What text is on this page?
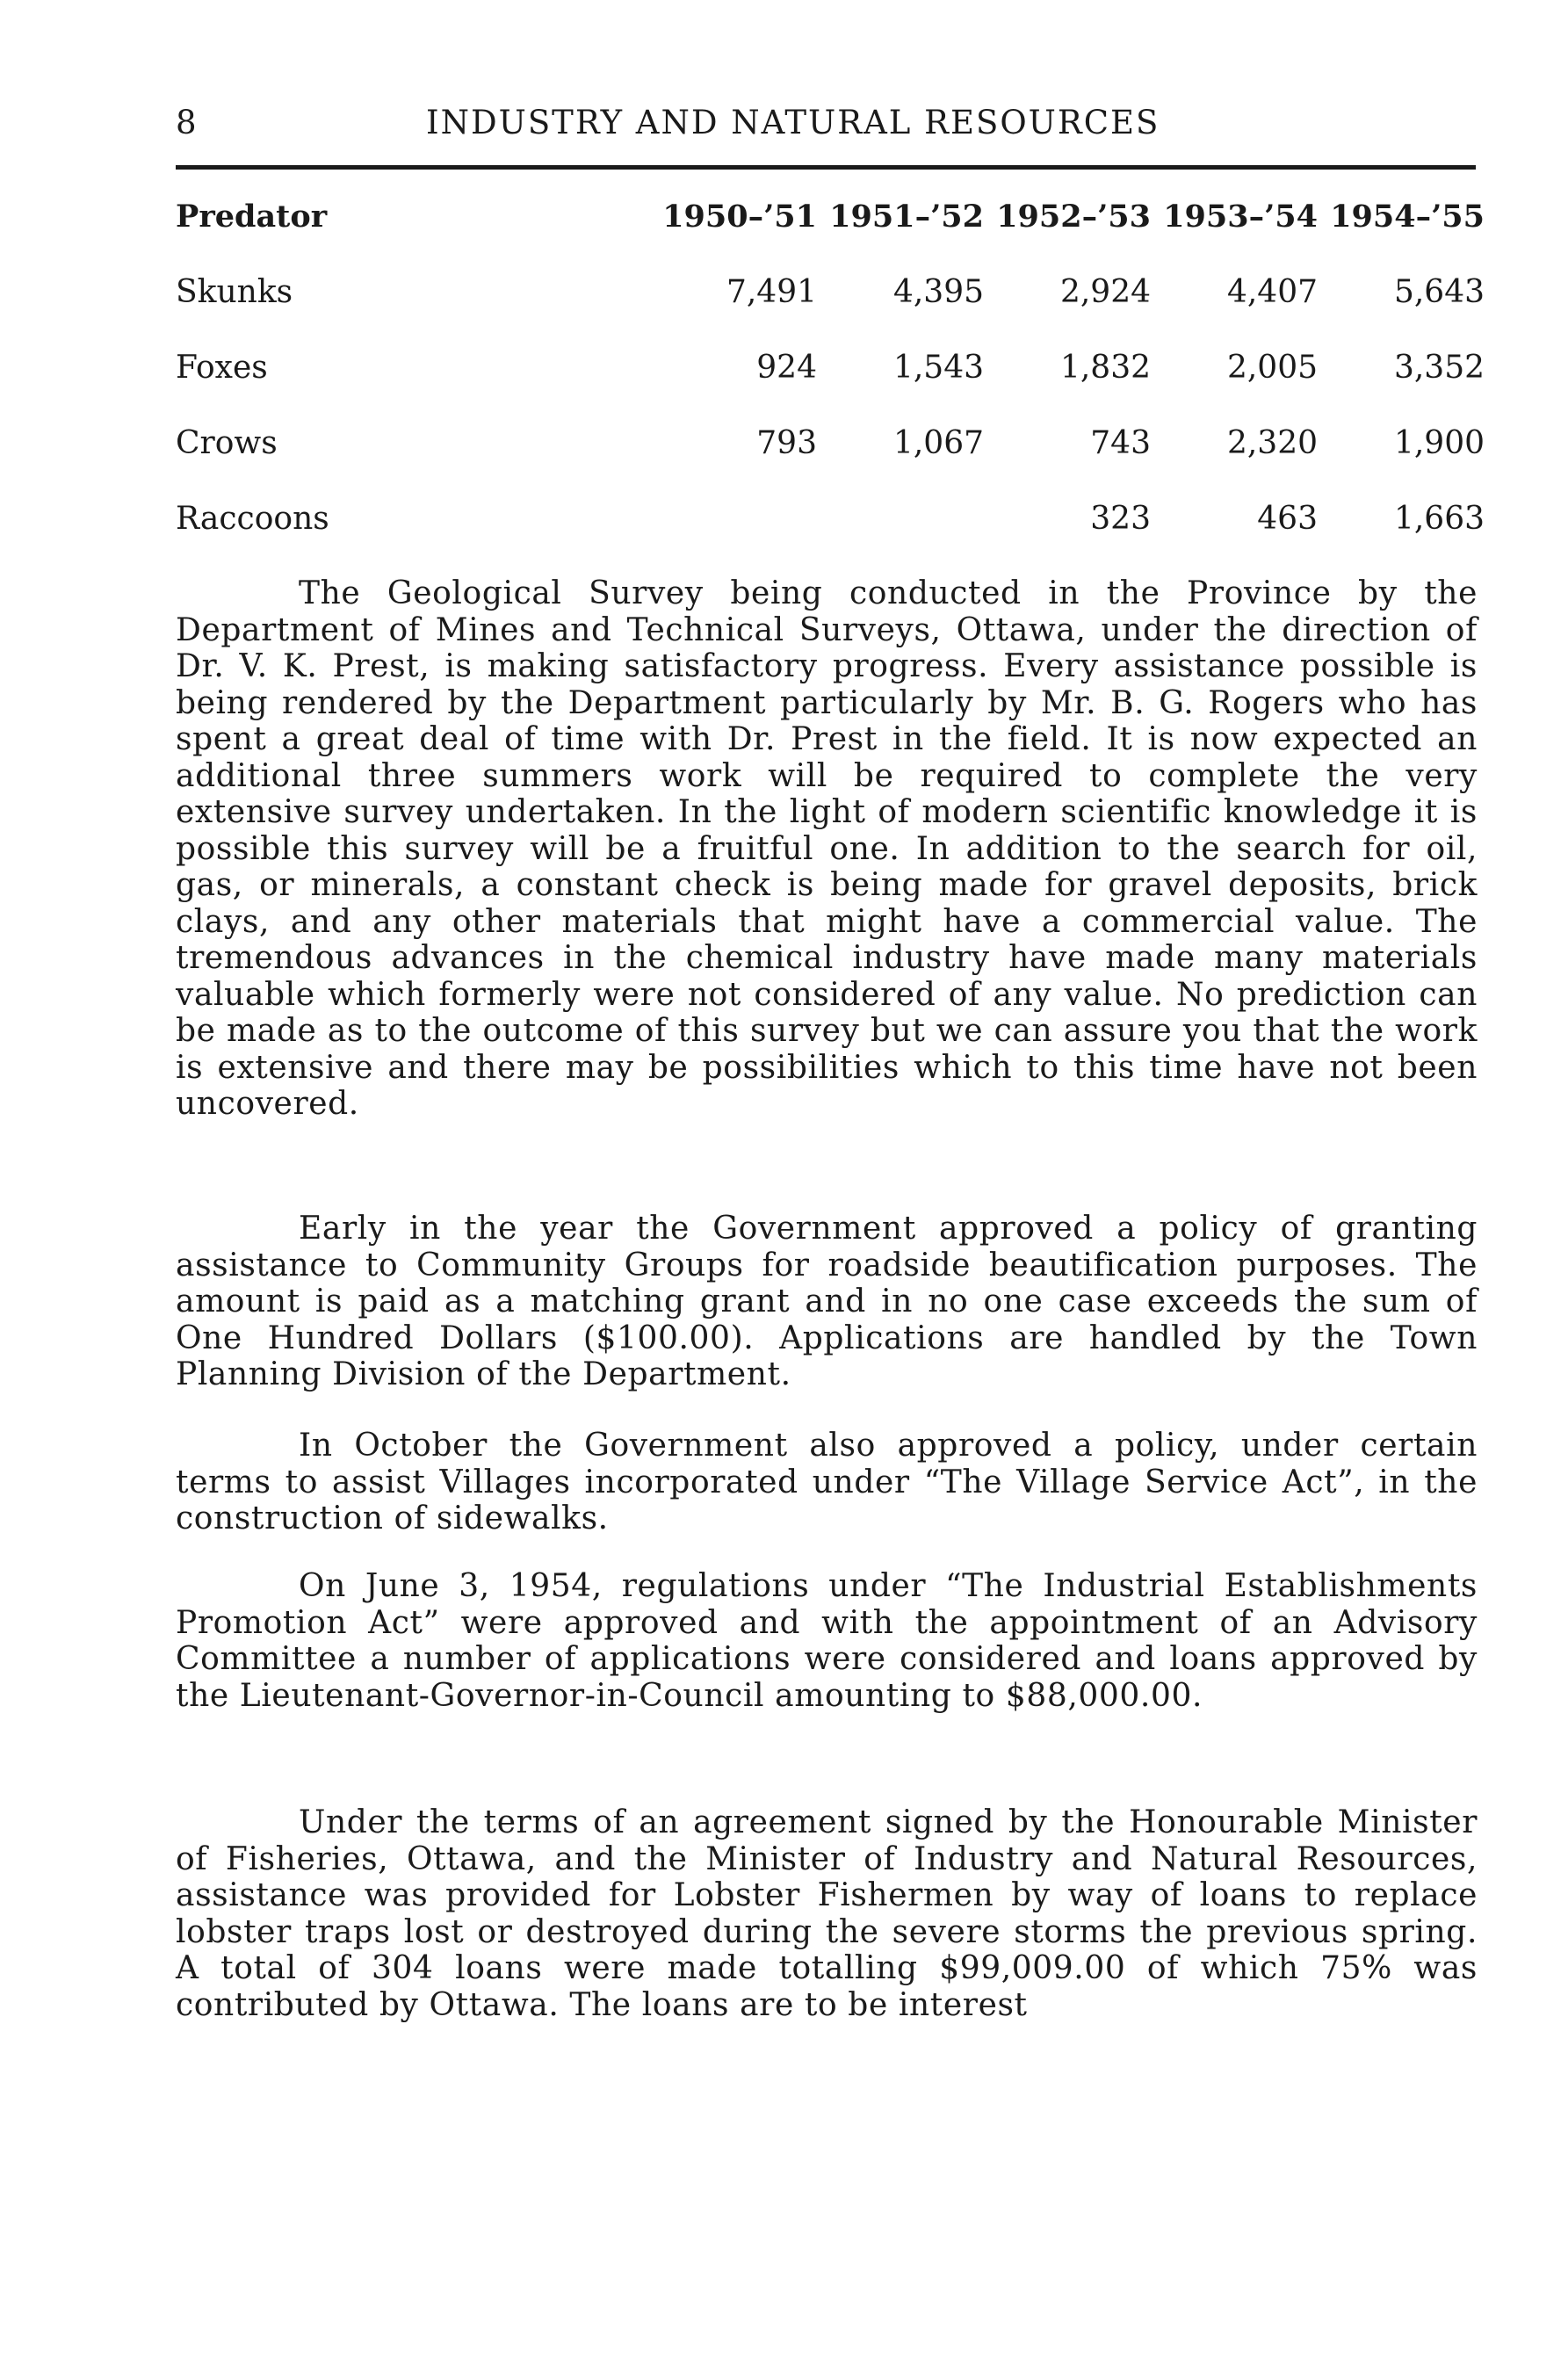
8	INDUSTRY AND NATURAL RESOURCES
Predator	1950–’51	1951–’52	1952–’53	1953–’54	1954–’55
Skunks	7,491	4,395	2,924	4,407	5,643
Foxes	924	1,543	1,832	2,005	3,352
Crows	793	1,067	743	2,320	1,900
Raccoons			323	463	1,663

The Geological Survey being conducted in the Province by the Department of Mines and Technical Surveys, Ottawa, under the direction of Dr. V. K. Prest, is making satisfactory progress. Every assistance possible is being rendered by the Department particularly by Mr. B. G. Rogers who has spent a great deal of time with Dr. Prest in the field. It is now expected an additional three summers work will be required to complete the very extensive survey undertaken. In the light of modern scientific knowledge it is possible this survey will be a fruitful one. In addition to the search for oil, gas, or minerals, a constant check is being made for gravel deposits, brick clays, and any other materials that might have a commercial value. The tremendous advances in the chemical industry have made many materials valuable which formerly were not considered of any value. No prediction can be made as to the outcome of this survey but we can assure you that the work is extensive and there may be possibilities which to this time have not been uncovered.

Early in the year the Government approved a policy of granting assistance to Community Groups for roadside beautification purposes. The amount is paid as a matching grant and in no one case exceeds the sum of One Hundred Dollars ($100.00). Applications are handled by the Town Planning Division of the Department.

In October the Government also approved a policy, under certain terms to assist Villages incorporated under “The Village Service Act”, in the construction of sidewalks.

On June 3, 1954, regulations under “The Industrial Establishments Promotion Act” were approved and with the appointment of an Advisory Committee a number of applications were considered and loans approved by the Lieutenant-Governor-in-Council amounting to $88,000.00.

Under the terms of an agreement signed by the Honourable Minister of Fisheries, Ottawa, and the Minister of Industry and Natural Resources, assistance was provided for Lobster Fishermen by way of loans to replace lobster traps lost or destroyed during the severe storms the previous spring. A total of 304 loans were made totalling $99,009.00 of which 75% was contributed by Ottawa. The loans are to be interest
